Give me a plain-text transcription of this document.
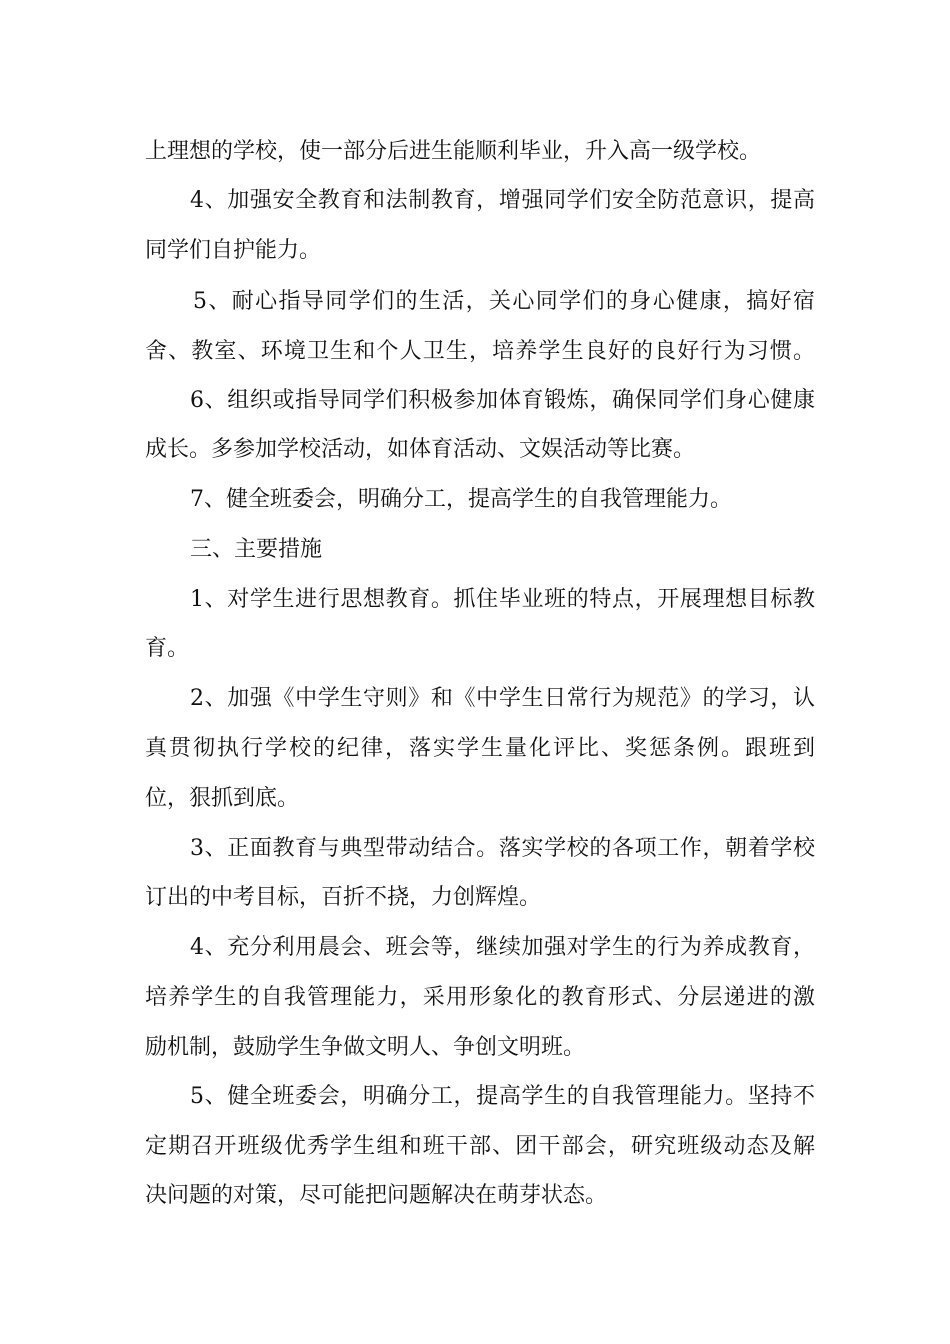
上理想的学校，使一部分后进生能顺利毕业，升入高一级学校。
4、加强安全教育和法制教育，增强同学们安全防范意识，提高
同学们自护能力。
5、耐心指导同学们的生活，关心同学们的身心健康，搞好宿
舍、教室、环境卫生和个人卫生，培养学生良好的良好行为习惯。
6、组织或指导同学们积极参加体育锻炼，确保同学们身心健康
成长。多参加学校活动，如体育活动、文娱活动等比赛。
7、健全班委会，明确分工，提高学生的自我管理能力。
三、主要措施
1、对学生进行思想教育。抓住毕业班的特点，开展理想目标教
育。
2、加强《中学生守则》和《中学生日常行为规范》的学习，认
真贯彻执行学校的纪律，落实学生量化评比、奖惩条例。跟班到
位，狠抓到底。
3、正面教育与典型带动结合。落实学校的各项工作，朝着学校
订出的中考目标，百折不挠，力创辉煌。
4、充分利用晨会、班会等，继续加强对学生的行为养成教育，
培养学生的自我管理能力，采用形象化的教育形式、分层递进的激
励机制，鼓励学生争做文明人、争创文明班。
5、健全班委会，明确分工，提高学生的自我管理能力。坚持不
定期召开班级优秀学生组和班干部、团干部会，研究班级动态及解
决问题的对策，尽可能把问题解决在萌芽状态。
